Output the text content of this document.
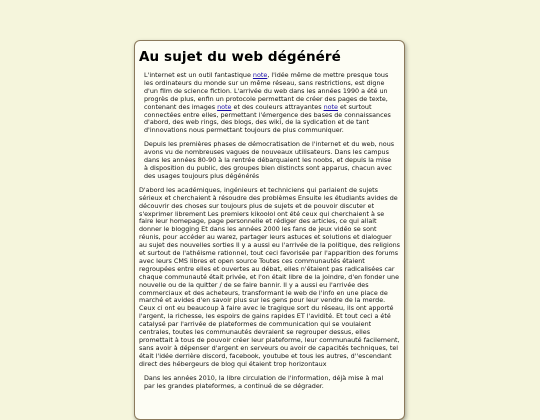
Au sujet du web dégénéré

L'internet est un outil fantastique note, l'idée même de mettre presque tous les ordinateurs du monde sur un même réseau, sans restrictions, est digne d'un film de science fiction. L'arrivée du web dans les années 1990 a été un progrès de plus, enfin un protocole permettant de créer des pages de texte, contenant des images note et des couleurs attrayantes note et surtout connectées entre elles, permettant l'émergence des bases de connaissances d'abord, des web rings, des blogs, des wiki, de la sydication et de tant d'innovations nous permettant toujours de plus communiquer.

Depuis les premières phases de démocratisation de l'internet et du web, nous avons vu de nombreuses vagues de nouveaux utilisateurs. Dans les campus dans les années 80-90 à la rentrée débarquaient les noobs, et depuis la mise à disposition du public, des groupes bien distincts sont apparus, chacun avec des usages toujours plus dégénérés

D'abord les académiques, ingénieurs et techniciens qui parlaient de sujets sérieux et cherchaient à résoudre des problèmes Ensuite les étudiants avides de découvrir des choses sur toujours plus de sujets et de pouvoir discuter et s'exprimer librement Les premiers kikoolol ont été ceux qui cherchaient à se faire leur homepage, page personnelle et rédiger des articles, ce qui allait donner le blogging Et dans les années 2000 les fans de jeux vidéo se sont réunis, pour accéder au warez, partager leurs astuces et solutions et dialoguer au sujet des nouvelles sorties Il y a aussi eu l'arrivée de la politique, des religions et surtout de l'athéisme rationnel, tout ceci favorisée par l'apparition des forums avec leurs CMS libres et open source Toutes ces communautés étaient regroupées entre elles et ouvertes au débat, elles n'étaient pas radicalisées car chaque communauté était privée, et l'on était libre de la joindre, d'en fonder une nouvelle ou de la quitter / de se faire bannir. Il y a aussi eu l'arrivée des commerciaux et des acheteurs, transformant le web de l'info en une place de marché et avides d'en savoir plus sur les gens pour leur vendre de la merde. Ceux ci ont eu beaucoup à faire avec le tragique sort du réseau, ils ont apporté l'argent, la richesse, les espoirs de gains rapides ET l'avidité. Et tout ceci a été catalysé par l'arrivée de plateformes de communication qui se voulaient centrales, toutes les communautés devraient se regrouper dessus, elles promettait à tous de pouvoir créer leur plateforme, leur communauté facilement, sans avoir à dépenser d'argent en serveurs ou avoir de capacités techniques, tel était l'idée derrière discord, facebook, youtube et tous les autres, d''escendant direct des hébergeurs de blog qui étaient trop horizontaux

Dans les années 2010, la libre circulation de l'information, déjà mise à mal par les grandes plateformes, a continué de se dégrader.
